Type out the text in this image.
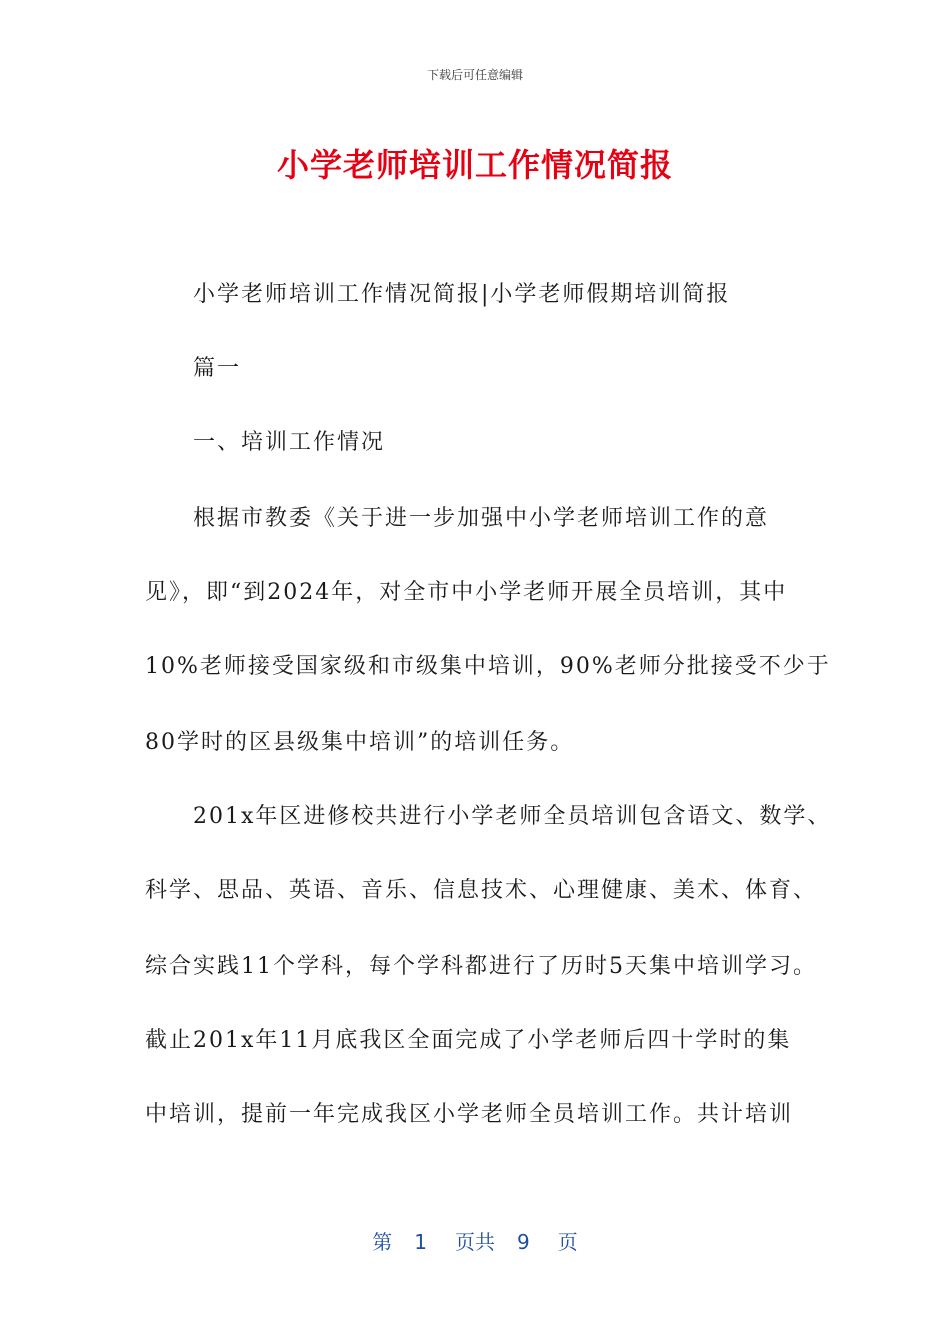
下载后可任意编辑
小学老师培训工作情况简报
小学老师培训工作情况简报|小学老师假期培训简报
篇一
一、培训工作情况
根据市教委《关于进一步加强中小学老师培训工作的意
见》，即“到2024年，对全市中小学老师开展全员培训，其中
10%老师接受国家级和市级集中培训，90%老师分批接受不少于
80学时的区县级集中培训”的培训任务。
201x年区进修校共进行小学老师全员培训包含语文、数学、
科学、思品、英语、音乐、信息技术、心理健康、美术、体育、
综合实践11个学科，每个学科都进行了历时5天集中培训学习。
截止201x年11月底我区全面完成了小学老师后四十学时的集
中培训，提前一年完成我区小学老师全员培训工作。共计培训
第 1 页共 9 页
